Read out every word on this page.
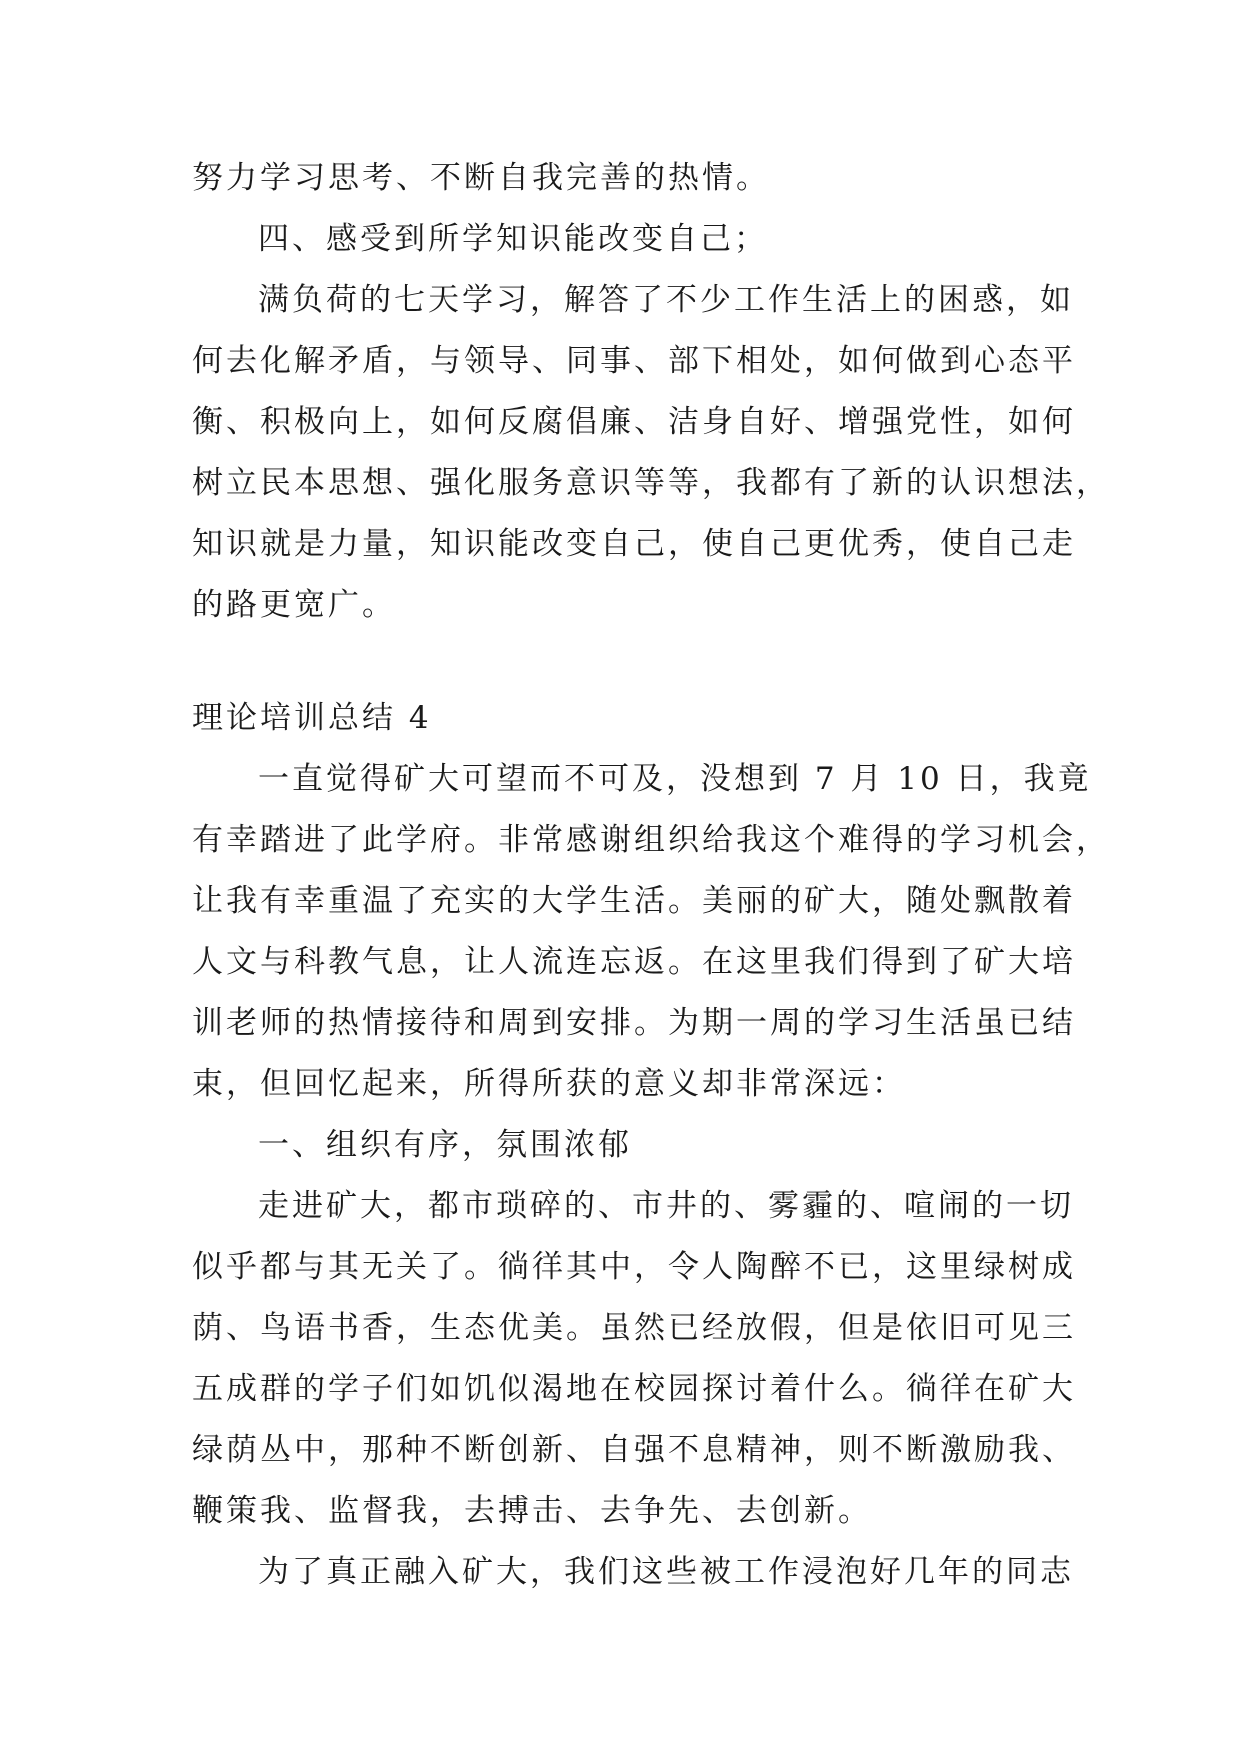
努力学习思考、不断自我完善的热情。
四、感受到所学知识能改变自己；
满负荷的七天学习，解答了不少工作生活上的困惑，如
何去化解矛盾，与领导、同事、部下相处，如何做到心态平
衡、积极向上，如何反腐倡廉、洁身自好、增强党性，如何
树立民本思想、强化服务意识等等，我都有了新的认识想法，
知识就是力量，知识能改变自己，使自己更优秀，使自己走
的路更宽广。
理论培训总结 4
一直觉得矿大可望而不可及，没想到 7 月 10 日，我竟
有幸踏进了此学府。非常感谢组织给我这个难得的学习机会，
让我有幸重温了充实的大学生活。美丽的矿大，随处飘散着
人文与科教气息，让人流连忘返。在这里我们得到了矿大培
训老师的热情接待和周到安排。为期一周的学习生活虽已结
束，但回忆起来，所得所获的意义却非常深远：
一、组织有序，氛围浓郁
走进矿大，都市琐碎的、市井的、雾霾的、喧闹的一切
似乎都与其无关了。徜徉其中，令人陶醉不已，这里绿树成
荫、鸟语书香，生态优美。虽然已经放假，但是依旧可见三
五成群的学子们如饥似渴地在校园探讨着什么。徜徉在矿大
绿荫丛中，那种不断创新、自强不息精神，则不断激励我、
鞭策我、监督我，去搏击、去争先、去创新。
为了真正融入矿大，我们这些被工作浸泡好几年的同志
